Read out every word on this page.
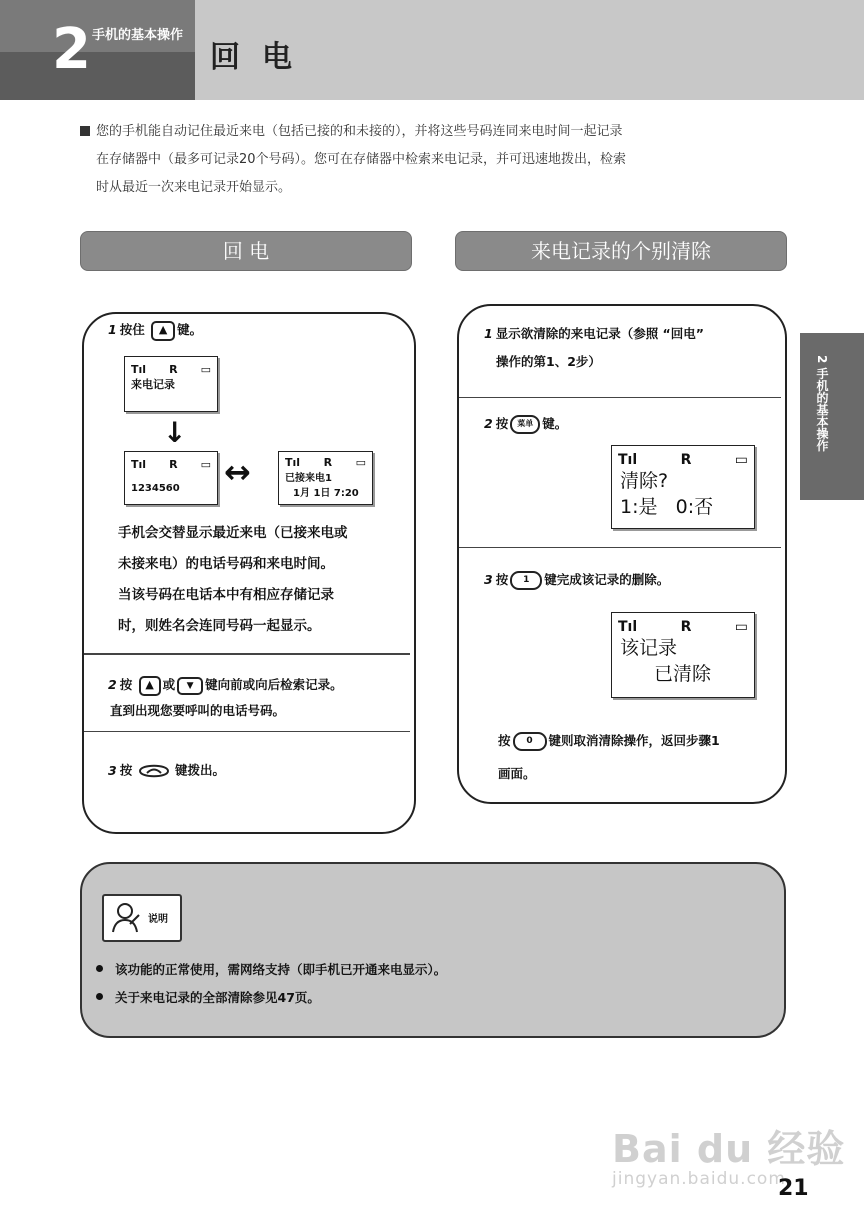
2 手机的基本操作
回电
您的手机能自动记住最近来电（包括已接的和未接的），并将这些号码连同来电时间一起记录
在存储器中（最多可记录20个号码）。您可在存储器中检索来电记录，并可迅速地拨出，检索
时从最近一次来电记录开始显示。
回 电	来电记录的个别清除
1 按住 ▲ 键。
Tıl R ▭
来电记录
↓
Tıl R ▭
1234560	↔	Tıl R ▭
已接来电1
1月 1日 7:20
手机会交替显示最近来电（已接来电或
未接来电）的电话号码和来电时间。
当该号码在电话本中有相应存储记录
时，则姓名会连同号码一起显示。
2 按 ▲ 或 ▼ 键向前或向后检索记录。
直到出现您要呼叫的电话号码。
3 按	键拨出。
1 显示欲清除的来电记录（参照 “回电”
操作的第1、2步）
2 按 菜单 键。
Tıl	R	▭
清除?
1:是   0:否
3 按 1 键完成该记录的删除。
Tıl	R	▭
该记录
已清除
按 0 键则取消清除操作，返回步骤1
画面。
2 手机的基本操作
说明
该功能的正常使用，需网络支持（即手机已开通来电显示）。
关于来电记录的全部清除参见47页。
Bai du 经验
jingyan.baidu.com
21
